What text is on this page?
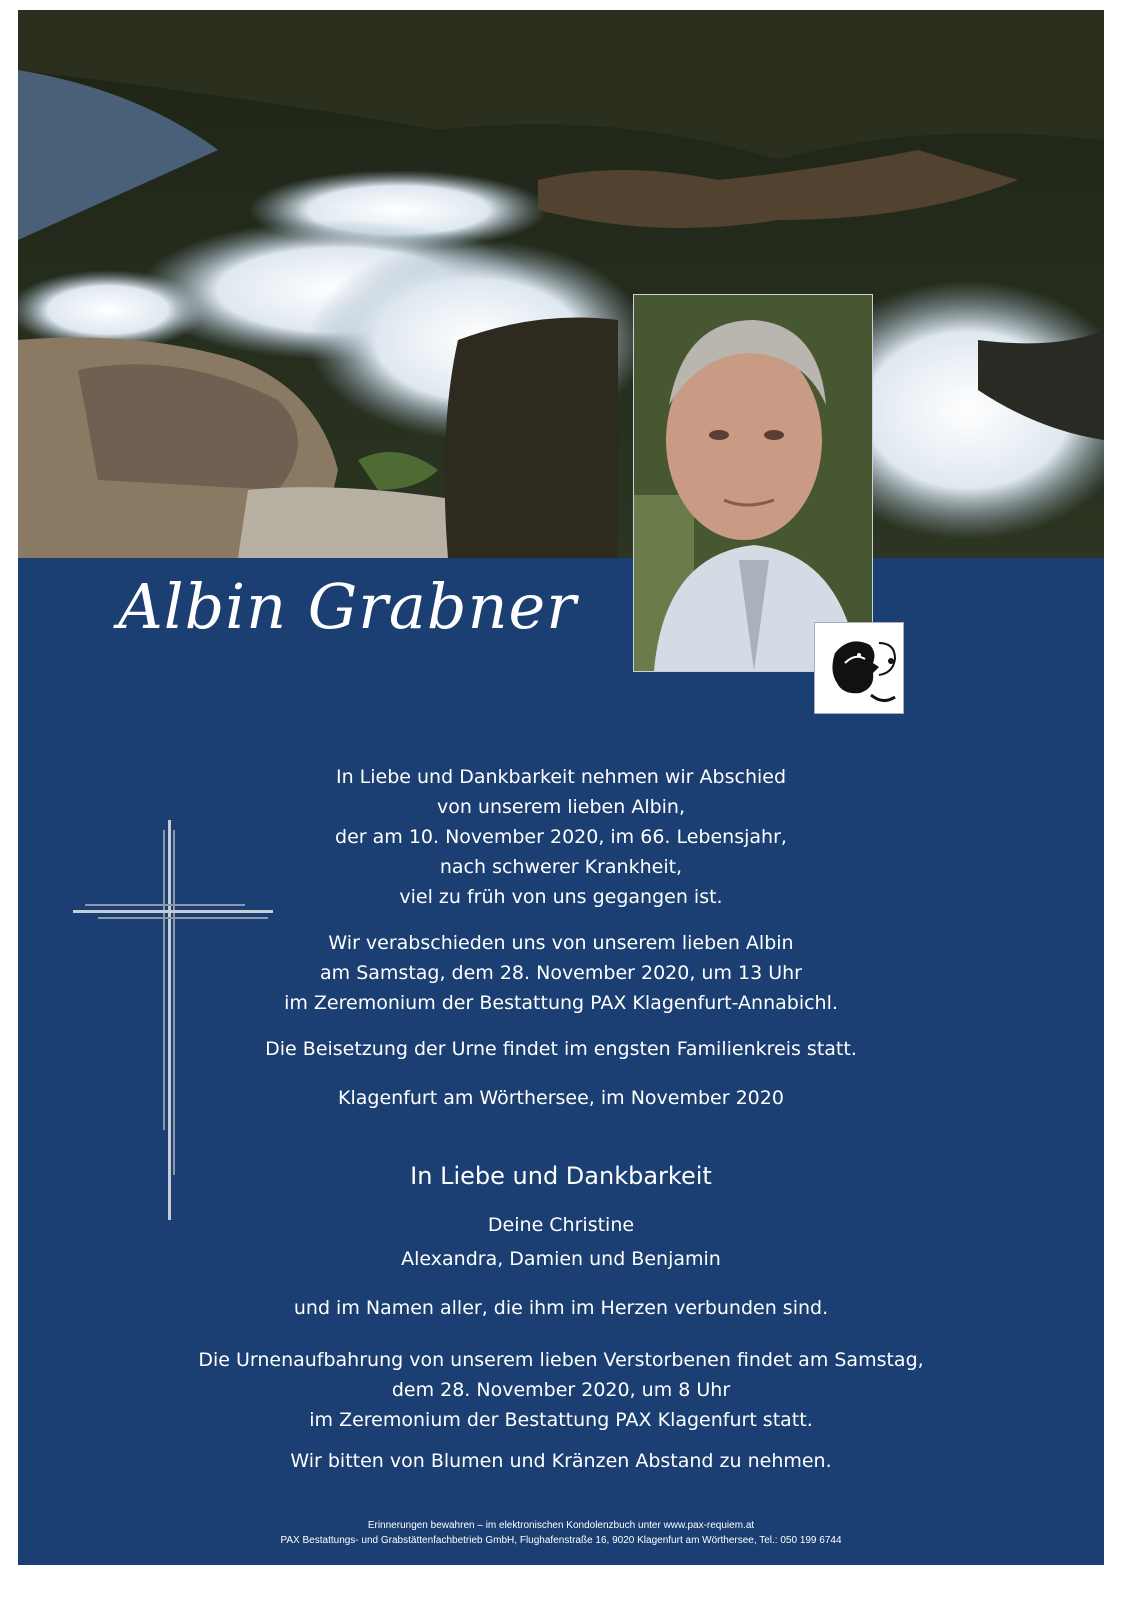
Albin Grabner

In Liebe und Dankbarkeit nehmen wir Abschied
von unserem lieben Albin,
der am 10. November 2020, im 66. Lebensjahr,
nach schwerer Krankheit,
viel zu früh von uns gegangen ist.

Wir verabschieden uns von unserem lieben Albin
am Samstag, dem 28. November 2020, um 13 Uhr
im Zeremonium der Bestattung PAX Klagenfurt-Annabichl.

Die Beisetzung der Urne findet im engsten Familienkreis statt.

Klagenfurt am Wörthersee, im November 2020

In Liebe und Dankbarkeit

Deine Christine

Alexandra, Damien und Benjamin

und im Namen aller, die ihm im Herzen verbunden sind.

Die Urnenaufbahrung von unserem lieben Verstorbenen findet am Samstag,
dem 28. November 2020, um 8 Uhr
im Zeremonium der Bestattung PAX Klagenfurt statt.

Wir bitten von Blumen und Kränzen Abstand zu nehmen.

Erinnerungen bewahren – im elektronischen Kondolenzbuch unter www.pax-requiem.at
PAX Bestattungs- und Grabstättenfachbetrieb GmbH, Flughafenstraße 16, 9020 Klagenfurt am Wörthersee, Tel.: 050 199 6744
